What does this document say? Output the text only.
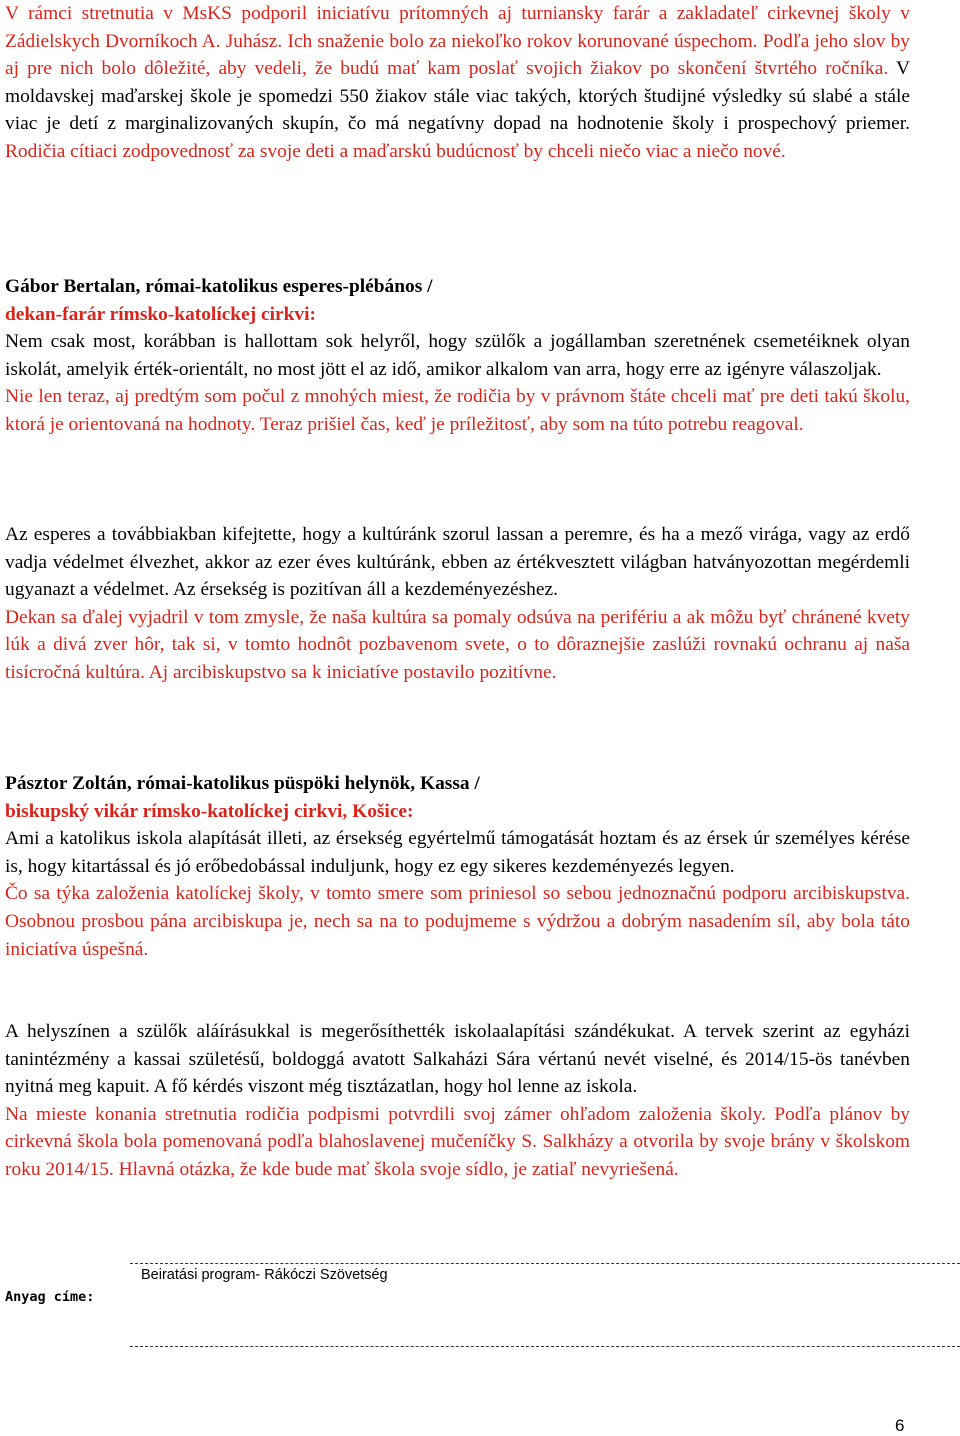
V rámci stretnutia v MsKS podporil iniciatívu prítomných aj turniansky farár a zakladateľ cirkevnej školy v Zádielskych Dvorníkoch A. Juhász. Ich snaženie bolo za niekoľko rokov korunované úspechom. Podľa jeho slov by aj pre nich bolo dôležité, aby vedeli, že budú mať kam poslať svojich žiakov po skončení štvrtého ročníka. V moldavskej maďarskej škole je spomedzi 550 žiakov stále viac takých, ktorých študijné výsledky sú slabé a stále viac je detí z marginalizovaných skupín, čo má negatívny dopad na hodnotenie školy i prospechový priemer. Rodičia cítiaci zodpovednosť za svoje deti a maďarskú budúcnosť by chceli niečo viac a niečo nové.

Gábor Bertalan, római-katolikus esperes-plébános /
dekan-farár rímsko-katolíckej cirkvi:
Nem csak most, korábban is hallottam sok helyről, hogy szülők a jogállamban szeretnének csemetéiknek olyan iskolát, amelyik érték-orientált, no most jött el az idő, amikor alkalom van arra, hogy erre az igényre válaszoljak.
Nie len teraz, aj predtým som počul z mnohých miest, že rodičia by v právnom štáte chceli mať pre deti takú školu, ktorá je orientovaná na hodnoty. Teraz prišiel čas, keď je príležitosť, aby som na túto potrebu reagoval.

Az esperes a továbbiakban kifejtette, hogy a kultúránk szorul lassan a peremre, és ha a mező virága, vagy az erdő vadja védelmet élvezhet, akkor az ezer éves kultúránk, ebben az értékvesztett világban hatványozottan megérdemli ugyanazt a védelmet. Az érsekség is pozitívan áll a kezdeményezéshez.
Dekan sa ďalej vyjadril v tom zmysle, že naša kultúra sa pomaly odsúva na perifériu a ak môžu byť chránené kvety lúk a divá zver hôr, tak si, v tomto hodnôt pozbavenom svete, o to dôraznejšie zaslúži rovnakú ochranu aj naša tisícročná kultúra. Aj arcibiskupstvo sa k iniciatíve postavilo pozitívne.

Pásztor Zoltán, római-katolikus püspöki helynök, Kassa /
biskupský vikár rímsko-katolíckej cirkvi, Košice:
Ami a katolikus iskola alapítását illeti, az érsekség egyértelmű támogatását hoztam és az érsek úr személyes kérése is, hogy kitartással és jó erőbedobással induljunk, hogy ez egy sikeres kezdeményezés legyen.
Čo sa týka založenia katolíckej školy, v tomto smere som priniesol so sebou jednoznačnú podporu arcibiskupstva. Osobnou prosbou pána arcibiskupa je, nech sa na to podujmeme s výdržou a dobrým nasadením síl, aby bola táto iniciatíva úspešná.

A helyszínen a szülők aláírásukkal is megerősíthették iskolaalapítási szándékukat. A tervek szerint az egyházi tanintézmény a kassai születésű, boldoggá avatott Salkaházi Sára vértanú nevét viselné, és 2014/15-ös tanévben nyitná meg kapuit. A fő kérdés viszont még tisztázatlan, hogy hol lenne az iskola.
Na mieste konania stretnutia rodičia podpismi potvrdili svoj zámer ohľadom založenia školy. Podľa plánov by cirkevná škola bola pomenovaná podľa blahoslavenej mučeníčky S. Salkházy a otvorila by svoje brány v školskom roku 2014/15. Hlavná otázka, že kde bude mať škola svoje sídlo, je zatiaľ nevyriešená.

Beiratási program- Rákóczi Szövetség
Anyag címe:
6
